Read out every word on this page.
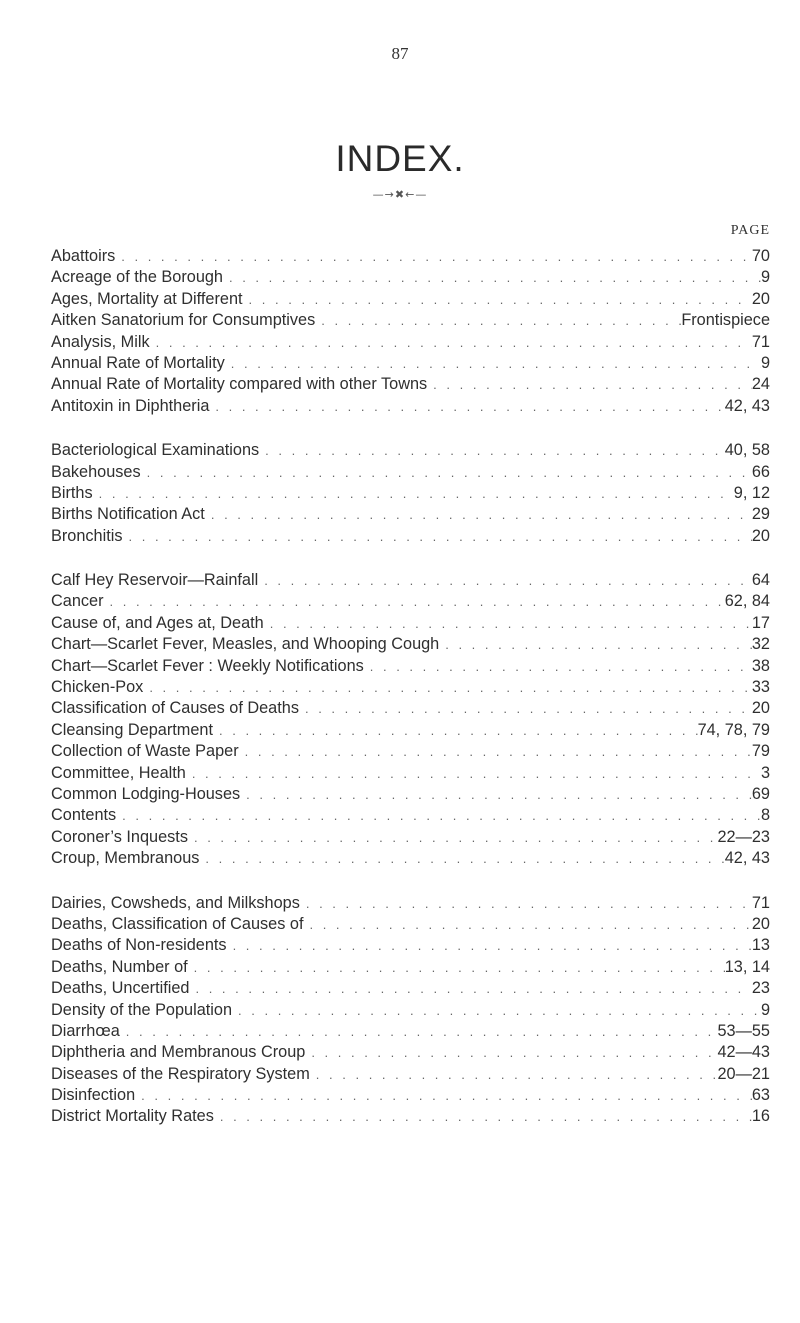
87
INDEX.
—→✖←—
PAGE
Abattoirs . . .	70
Acreage of the Borough . . .	9
Ages, Mortality at Different . . .	20
Aitken Sanatorium for Consumptives . . .	Frontispiece
Analysis, Milk . . .	71
Annual Rate of Mortality . . .	9
Annual Rate of Mortality compared with other Towns . . .	24
Antitoxin in Diphtheria . . .	42, 43
Bacteriological Examinations . . .	40, 58
Bakehouses . . .	66
Births . . .	9, 12
Births Notification Act . . .	29
Bronchitis . . .	20
Calf Hey Reservoir—Rainfall . . .	64
Cancer . . .	62, 84
Cause of, and Ages at, Death . . .	17
Chart—Scarlet Fever, Measles, and Whooping Cough . . .	32
Chart—Scarlet Fever : Weekly Notifications . . .	38
Chicken-Pox . . .	33
Classification of Causes of Deaths . . .	20
Cleansing Department . . .	74, 78, 79
Collection of Waste Paper . . .	79
Committee, Health . . .	3
Common Lodging-Houses . . .	69
Contents . . .	8
Coroner’s Inquests . . .	22—23
Croup, Membranous . . .	42, 43
Dairies, Cowsheds, and Milkshops . . .	71
Deaths, Classification of Causes of . . .	20
Deaths of Non-residents . . .	13
Deaths, Number of . . .	13, 14
Deaths, Uncertified . . .	23
Density of the Population . . .	9
Diarrhœa . . .	53—55
Diphtheria and Membranous Croup . . .	42—43
Diseases of the Respiratory System . . .	20—21
Disinfection . . .	63
District Mortality Rates . . .	16
